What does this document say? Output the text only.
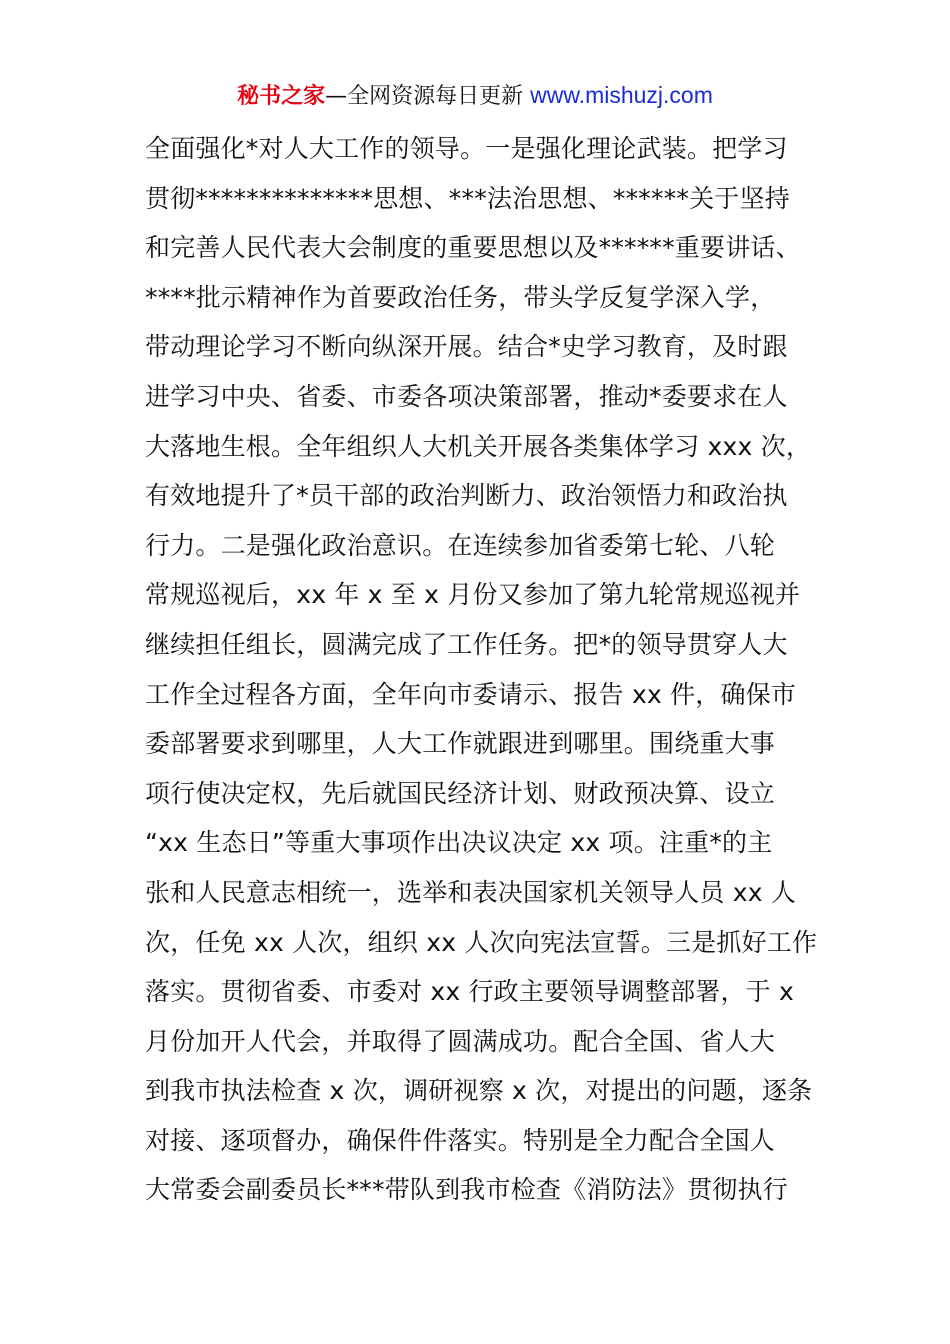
秘书之家—全网资源每日更新 www.mishuzj.com
全面强化*对人大工作的领导。一是强化理论武装。把学习
贯彻**************思想、***法治思想、******关于坚持
和完善人民代表大会制度的重要思想以及******重要讲话、
****批示精神作为首要政治任务，带头学反复学深入学，
带动理论学习不断向纵深开展。结合*史学习教育，及时跟
进学习中央、省委、市委各项决策部署，推动*委要求在人
大落地生根。全年组织人大机关开展各类集体学习 xxx 次，
有效地提升了*员干部的政治判断力、政治领悟力和政治执
行力。二是强化政治意识。在连续参加省委第七轮、八轮
常规巡视后，xx 年 x 至 x 月份又参加了第九轮常规巡视并
继续担任组长，圆满完成了工作任务。把*的领导贯穿人大
工作全过程各方面，全年向市委请示、报告 xx 件，确保市
委部署要求到哪里，人大工作就跟进到哪里。围绕重大事
项行使决定权，先后就国民经济计划、财政预决算、设立
“xx 生态日”等重大事项作出决议决定 xx 项。注重*的主
张和人民意志相统一，选举和表决国家机关领导人员 xx 人
次，任免 xx 人次，组织 xx 人次向宪法宣誓。三是抓好工作
落实。贯彻省委、市委对 xx 行政主要领导调整部署，于 x
月份加开人代会，并取得了圆满成功。配合全国、省人大
到我市执法检查 x 次，调研视察 x 次，对提出的问题，逐条
对接、逐项督办，确保件件落实。特别是全力配合全国人
大常委会副委员长***带队到我市检查《消防法》贯彻执行
